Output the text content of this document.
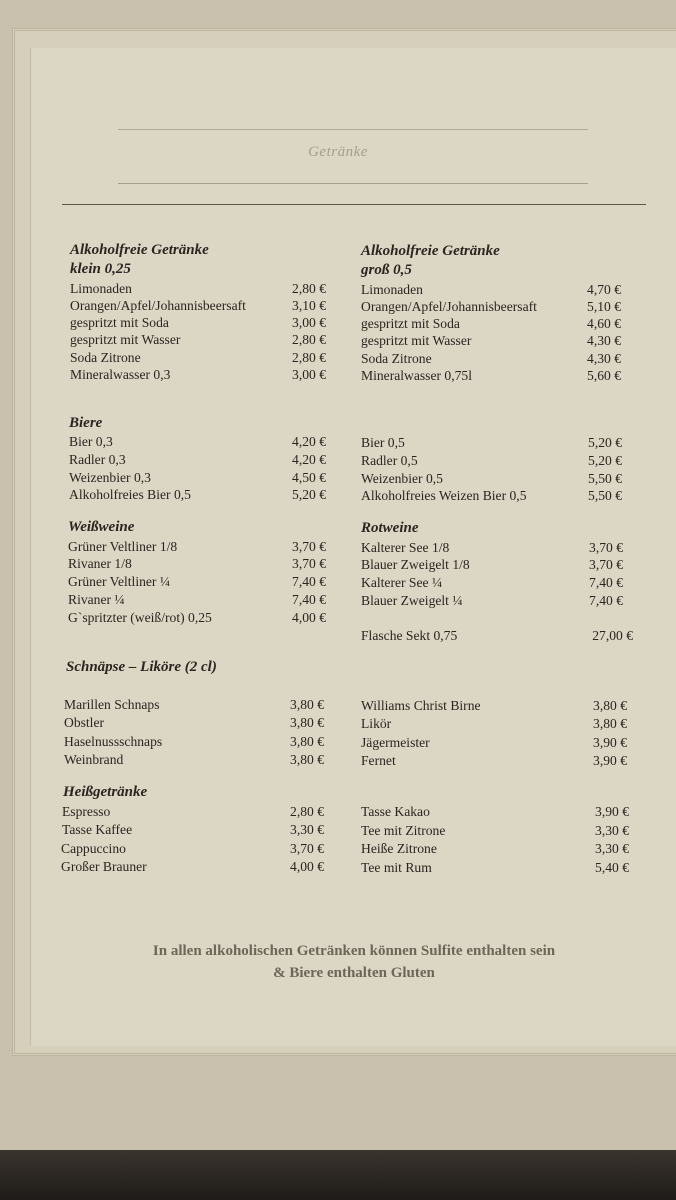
Getränke
Alkoholfreie Getränke
klein 0,25
Limonaden	2,80 €
Orangen/Apfel/Johannisbeersaft	3,10 €
gespritzt mit Soda	3,00 €
gespritzt mit Wasser	2,80 €
Soda Zitrone	2,80 €
Mineralwasser 0,3	3,00 €
Alkoholfreie Getränke
groß 0,5
Limonaden	4,70 €
Orangen/Apfel/Johannisbeersaft	5,10 €
gespritzt mit Soda	4,60 €
gespritzt mit Wasser	4,30 €
Soda Zitrone	4,30 €
Mineralwasser 0,75l	5,60 €
Biere
Bier 0,3	4,20 €
Radler 0,3	4,20 €
Weizenbier 0,3	4,50 €
Alkoholfreies Bier 0,5	5,20 €
Bier 0,5	5,20 €
Radler 0,5	5,20 €
Weizenbier 0,5	5,50 €
Alkoholfreies Weizen Bier 0,5	5,50 €
Weißweine
Grüner Veltliner 1/8	3,70 €
Rivaner 1/8	3,70 €
Grüner Veltliner ¼	7,40 €
Rivaner ¼	7,40 €
G`spritzter (weiß/rot) 0,25	4,00 €
Rotweine
Kalterer See 1/8	3,70 €
Blauer Zweigelt 1/8	3,70 €
Kalterer See ¼	7,40 €
Blauer Zweigelt ¼	7,40 €
Flasche Sekt 0,75	27,00 €
Schnäpse – Liköre (2 cl)
Marillen Schnaps	3,80 €
Obstler	3,80 €
Haselnussschnaps	3,80 €
Weinbrand	3,80 €
Williams Christ Birne	3,80 €
Likör	3,80 €
Jägermeister	3,90 €
Fernet	3,90 €
Heißgetränke
Espresso	2,80 €
Tasse Kaffee	3,30 €
Cappuccino	3,70 €
Großer Brauner	4,00 €
Tasse Kakao	3,90 €
Tee mit Zitrone	3,30 €
Heiße Zitrone	3,30 €
Tee mit Rum	5,40 €
In allen alkoholischen Getränken können Sulfite enthalten sein
& Biere enthalten Gluten
